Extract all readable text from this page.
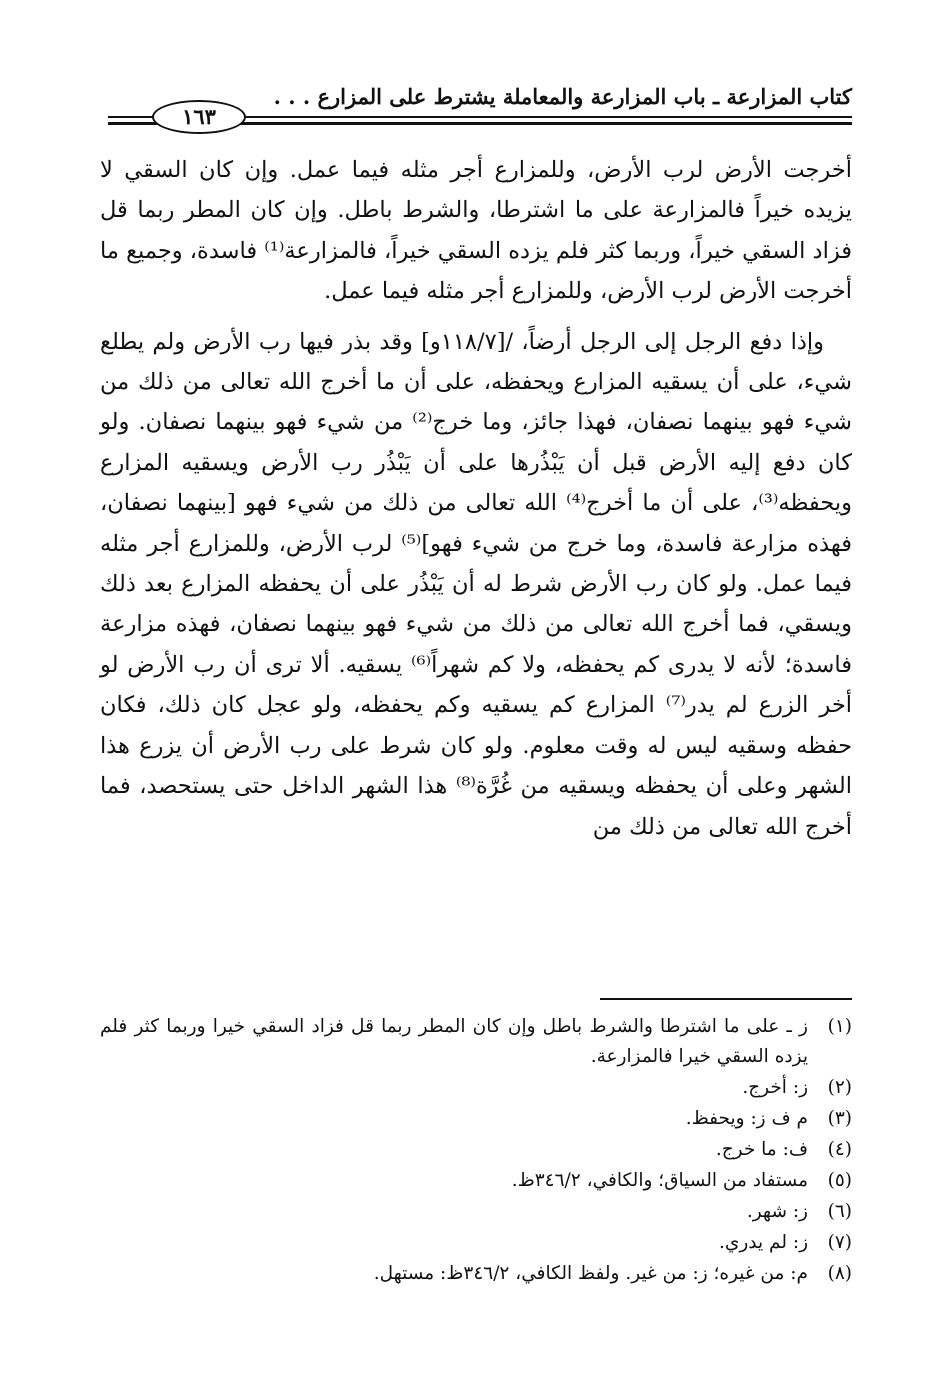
كتاب المزارعة ـ باب المزارعة والمعاملة يشترط على المزارع . . .
١٦٣

أخرجت الأرض لرب الأرض، وللمزارع أجر مثله فيما عمل. وإن كان السقي لا يزيده خيراً فالمزارعة على ما اشترطا، والشرط باطل. وإن كان المطر ربما قل فزاد السقي خيراً، وربما كثر فلم يزده السقي خيراً، فالمزارعة⁽¹⁾ فاسدة، وجميع ما أخرجت الأرض لرب الأرض، وللمزارع أجر مثله فيما عمل.

وإذا دفع الرجل إلى الرجل أرضاً، /[١١٨/٧و] وقد بذر فيها رب الأرض ولم يطلع شيء، على أن يسقيه المزارع ويحفظه، على أن ما أخرج الله تعالى من ذلك من شيء فهو بينهما نصفان، فهذا جائز، وما خرج⁽²⁾ من شيء فهو بينهما نصفان. ولو كان دفع إليه الأرض قبل أن يَبْذُرها على أن يَبْذُر رب الأرض ويسقيه المزارع ويحفظه⁽³⁾، على أن ما أخرج⁽⁴⁾ الله تعالى من ذلك من شيء فهو [بينهما نصفان، فهذه مزارعة فاسدة، وما خرج من شيء فهو]⁽⁵⁾ لرب الأرض، وللمزارع أجر مثله فيما عمل. ولو كان رب الأرض شرط له أن يَبْذُر على أن يحفظه المزارع بعد ذلك ويسقي، فما أخرج الله تعالى من ذلك من شيء فهو بينهما نصفان، فهذه مزارعة فاسدة؛ لأنه لا يدرى كم يحفظه، ولا كم شهراً⁽⁶⁾ يسقيه. ألا ترى أن رب الأرض لو أخر الزرع لم يدر⁽⁷⁾ المزارع كم يسقيه وكم يحفظه، ولو عجل كان ذلك، فكان حفظه وسقيه ليس له وقت معلوم. ولو كان شرط على رب الأرض أن يزرع هذا الشهر وعلى أن يحفظه ويسقيه من غُرَّة⁽⁸⁾ هذا الشهر الداخل حتى يستحصد، فما أخرج الله تعالى من ذلك من

(١)
ز ـ على ما اشترطا والشرط باطل وإن كان المطر ربما قل فزاد السقي خيرا وربما كثر فلم يزده السقي خيرا فالمزارعة.
(٢)
ز: أخرج.
(٣)
م ف ز: ويحفظ.
(٤)
ف: ما خرج.
(٥)
مستفاد من السياق؛ والكافي، ٣٤٦/٢ظ.
(٦)
ز: شهر.
(٧)
ز: لم يدري.
(٨)
م: من غيره؛ ز: من غير. ولفظ الكافي، ٣٤٦/٢ظ: مستهل.
